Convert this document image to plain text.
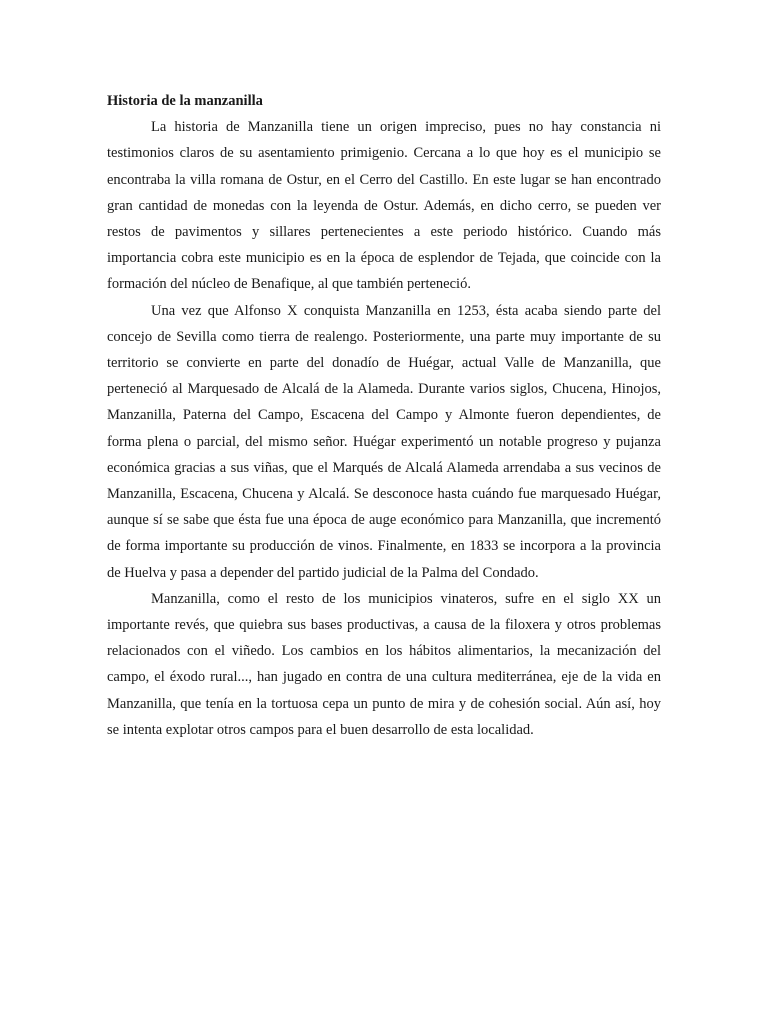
Historia de la manzanilla

La historia de Manzanilla tiene un origen impreciso, pues no hay constancia ni testimonios claros de su asentamiento primigenio. Cercana a lo que hoy es el municipio se encontraba la villa romana de Ostur, en el Cerro del Castillo. En este lugar se han encontrado gran cantidad de monedas con la leyenda de Ostur. Además, en dicho cerro, se pueden ver restos de pavimentos y sillares pertenecientes a este periodo histórico. Cuando más importancia cobra este municipio es en la época de esplendor de Tejada, que coincide con la formación del núcleo de Benafique, al que también perteneció.

Una vez que Alfonso X conquista Manzanilla en 1253, ésta acaba siendo parte del concejo de Sevilla como tierra de realengo. Posteriormente, una parte muy importante de su territorio se convierte en parte del donadío de Huégar, actual Valle de Manzanilla, que perteneció al Marquesado de Alcalá de la Alameda. Durante varios siglos, Chucena, Hinojos, Manzanilla, Paterna del Campo, Escacena del Campo y Almonte fueron dependientes, de forma plena o parcial, del mismo señor. Huégar experimentó un notable progreso y pujanza económica gracias a sus viñas, que el Marqués de Alcalá Alameda arrendaba a sus vecinos de Manzanilla, Escacena, Chucena y Alcalá. Se desconoce hasta cuándo fue marquesado Huégar, aunque sí se sabe que ésta fue una época de auge económico para Manzanilla, que incrementó de forma importante su producción de vinos. Finalmente, en 1833 se incorpora a la provincia de Huelva y pasa a depender del partido judicial de la Palma del Condado.

Manzanilla, como el resto de los municipios vinateros, sufre en el siglo XX un importante revés, que quiebra sus bases productivas, a causa de la filoxera y otros problemas relacionados con el viñedo. Los cambios en los hábitos alimentarios, la mecanización del campo, el éxodo rural..., han jugado en contra de una cultura mediterránea, eje de la vida en Manzanilla, que tenía en la tortuosa cepa un punto de mira y de cohesión social. Aún así, hoy se intenta explotar otros campos para el buen desarrollo de esta localidad.
